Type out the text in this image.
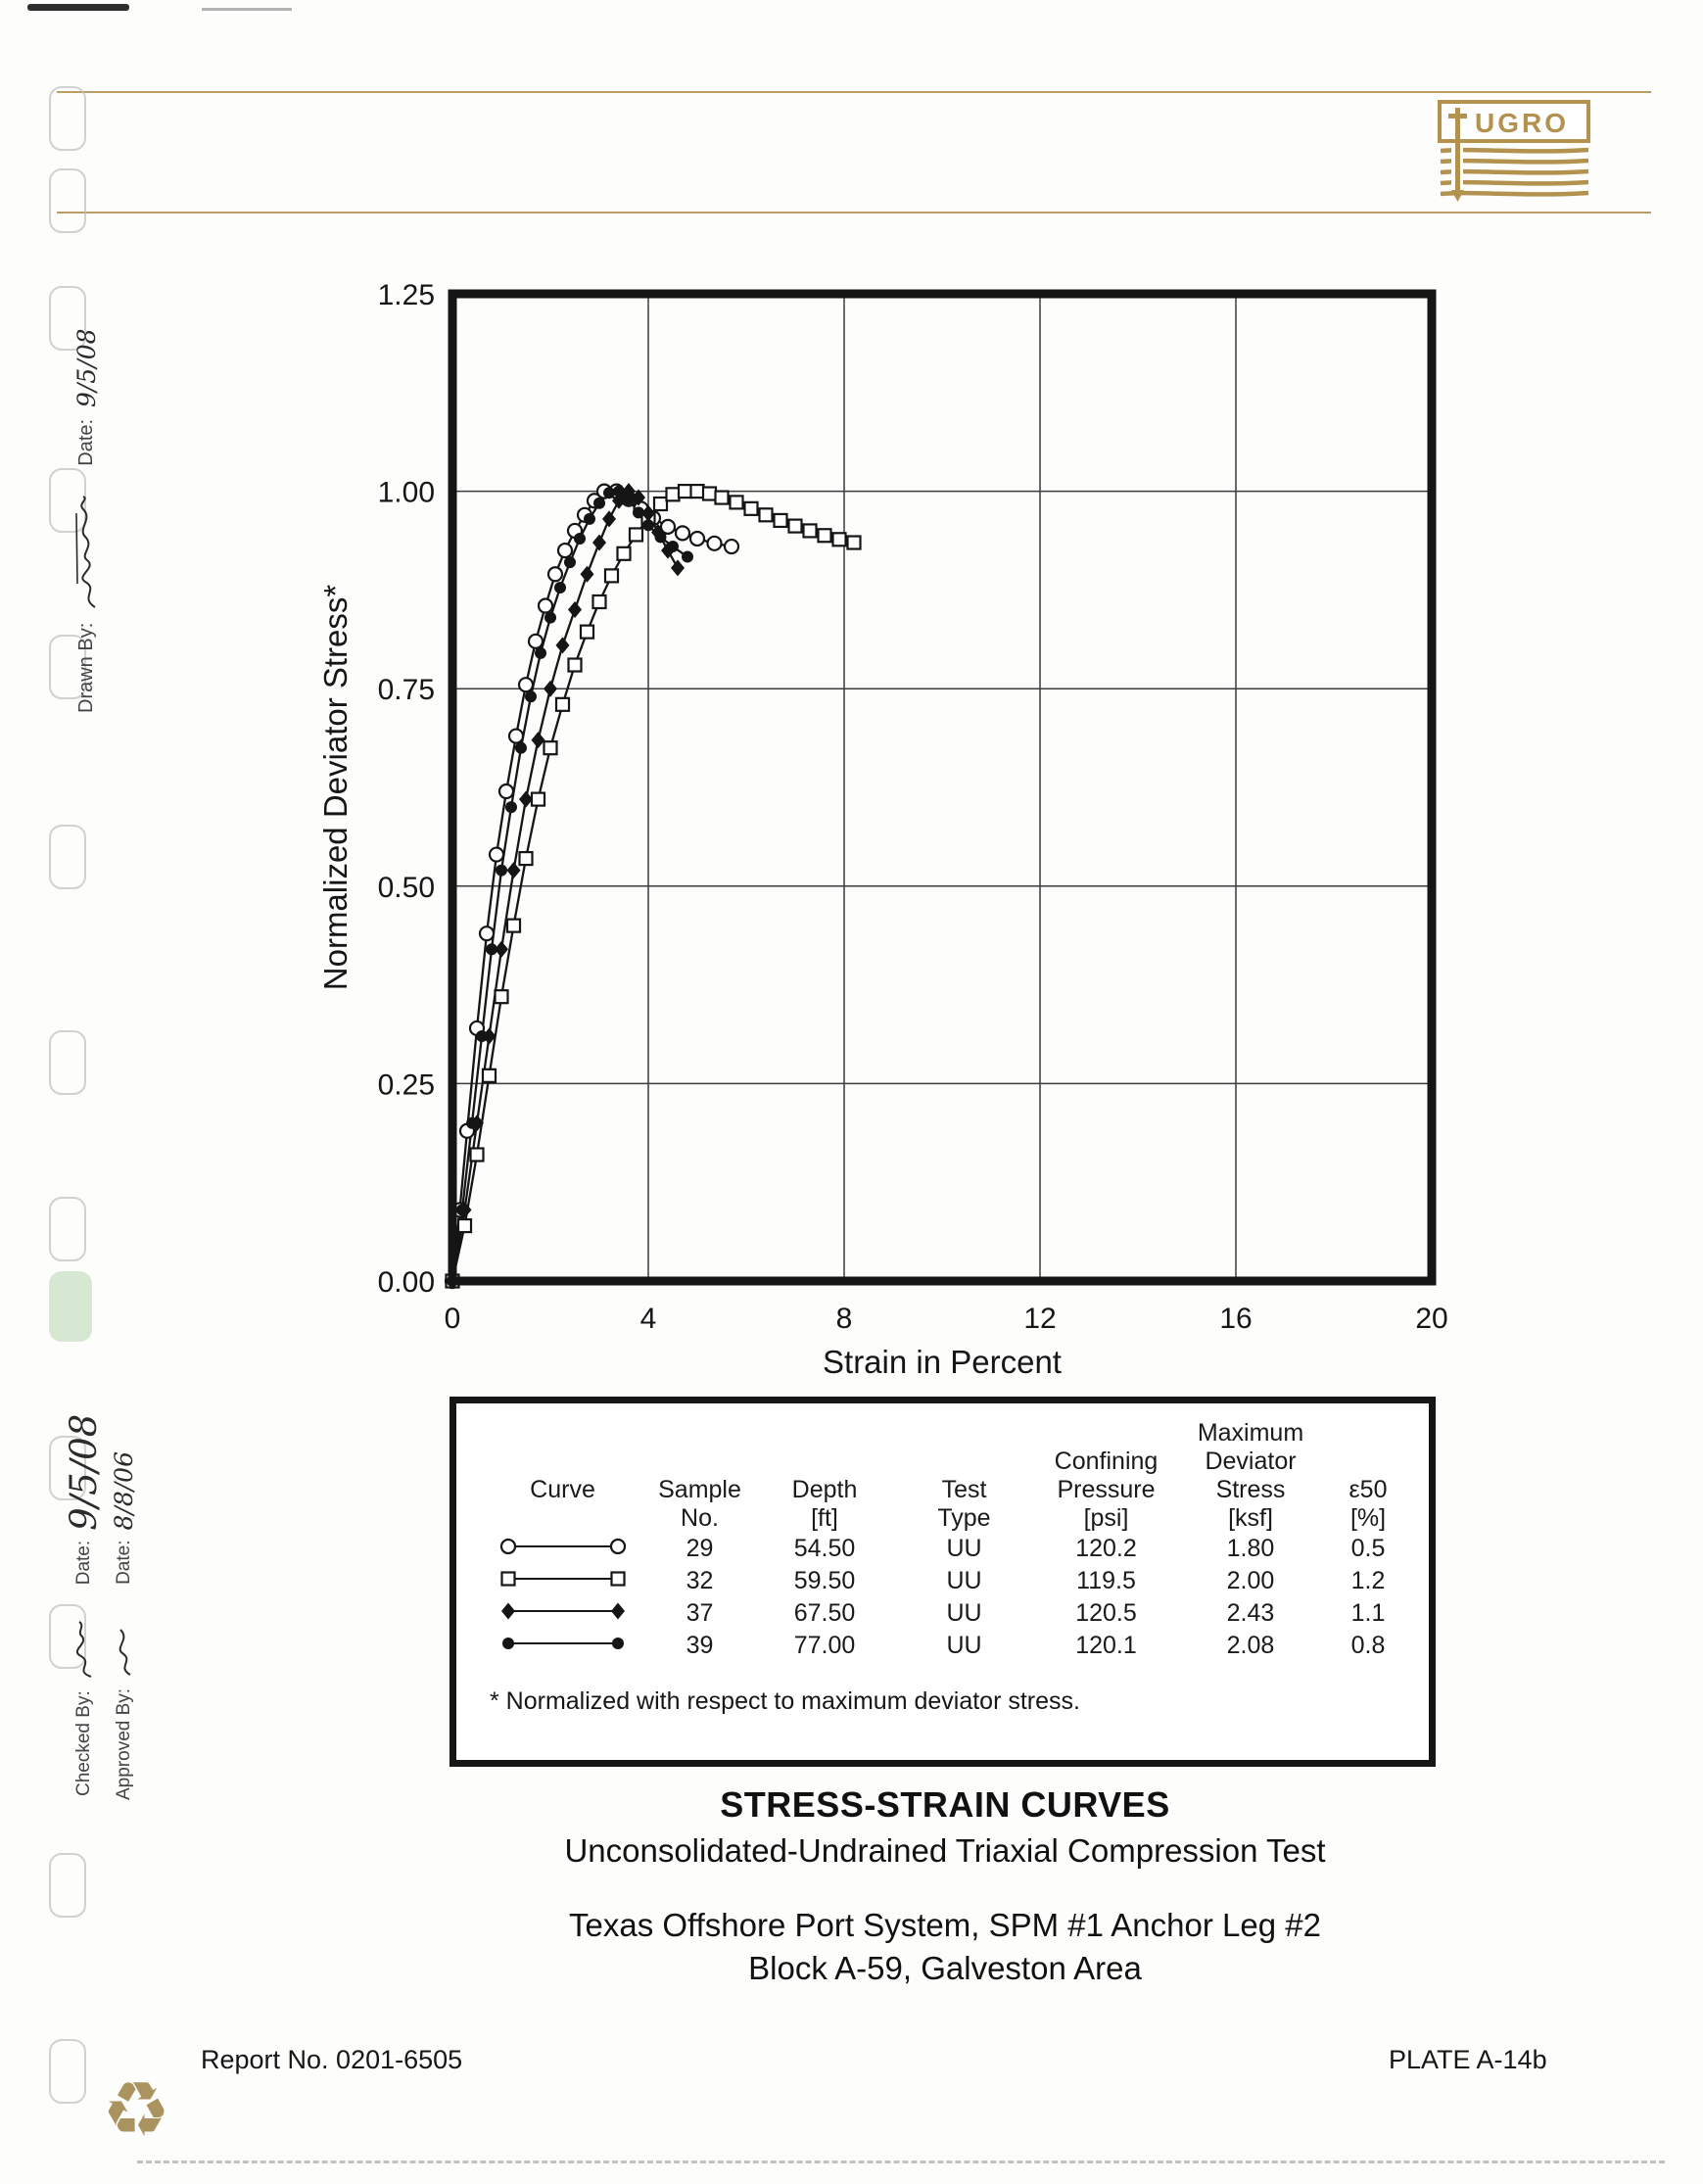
UGRO
Drawn By:
Date:
9/5/08
Checked By:
Date:
9/5/08
Approved By:
Date:
8/8/06
0	4	8	12	16	20
0.00
0.25
0.50
0.75
1.00
1.25
Strain in Percent
Normalized Deviator Stress*
					Maximum	
				Confining	Deviator	
Curve	Sample	Depth	Test	Pressure	Stress	ε50
	No.	[ft]	Type	[psi]	[ksf]	[%]
	29	54.50	UU	120.2	1.80	0.5
	32	59.50	UU	119.5	2.00	1.2
	37	67.50	UU	120.5	2.43	1.1
	39	77.00	UU	120.1	2.08	0.8
* Normalized with respect to maximum deviator stress.
STRESS-STRAIN CURVES
Unconsolidated-Undrained Triaxial Compression Test
Texas Offshore Port System, SPM #1 Anchor Leg #2
Block A-59, Galveston Area
Report No. 0201-6505	PLATE A-14b
♻
